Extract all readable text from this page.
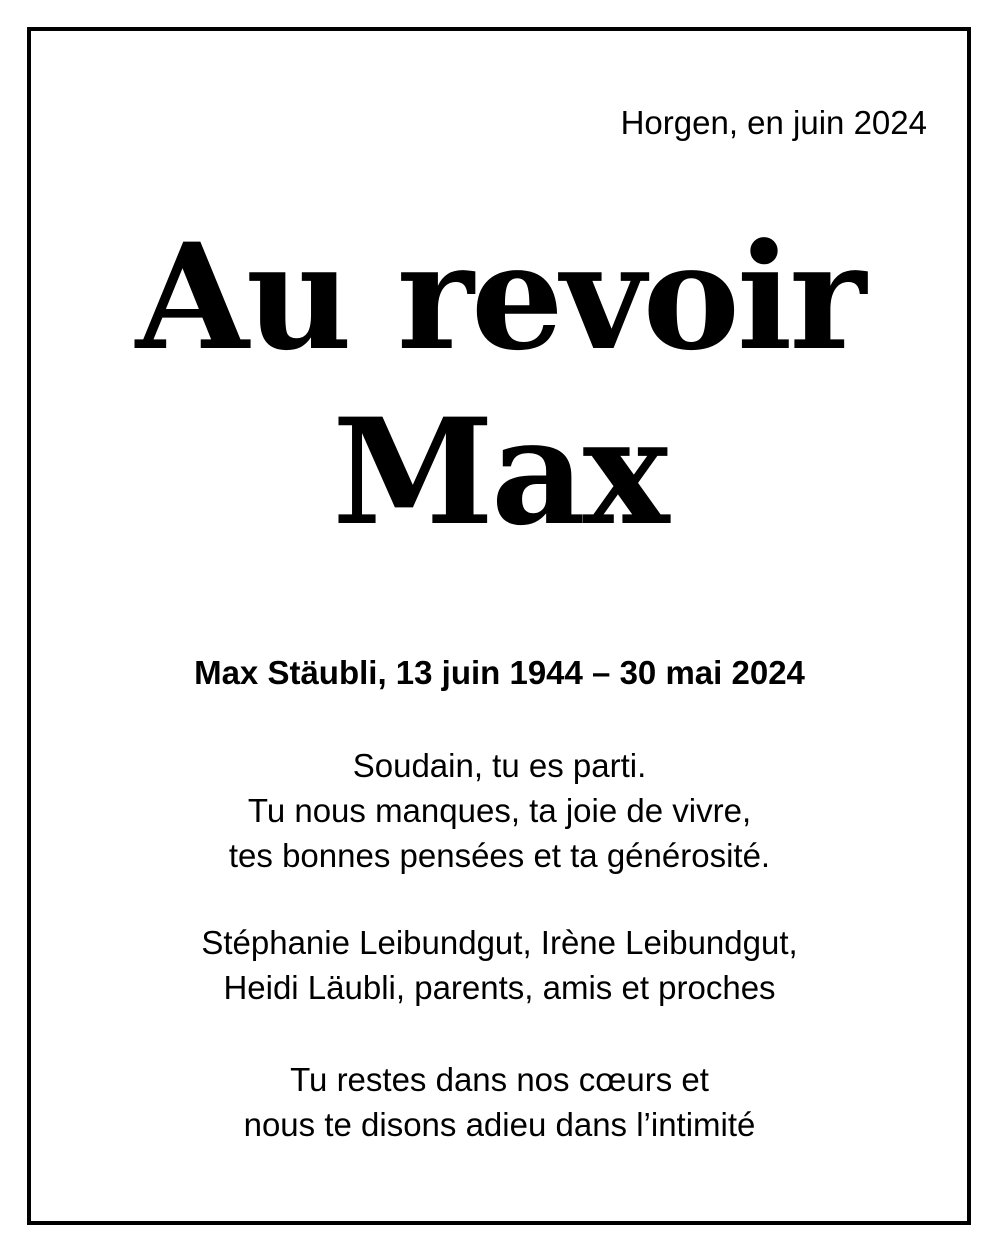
Horgen, en juin 2024
Au revoir
Max
Max Stäubli, 13 juin 1944 – 30 mai 2024
Soudain, tu es parti.
Tu nous manques, ta joie de vivre,
tes bonnes pensées et ta générosité.
Stéphanie Leibundgut, Irène Leibundgut,
Heidi Läubli, parents, amis et proches
Tu restes dans nos cœurs et
nous te disons adieu dans l’intimité
